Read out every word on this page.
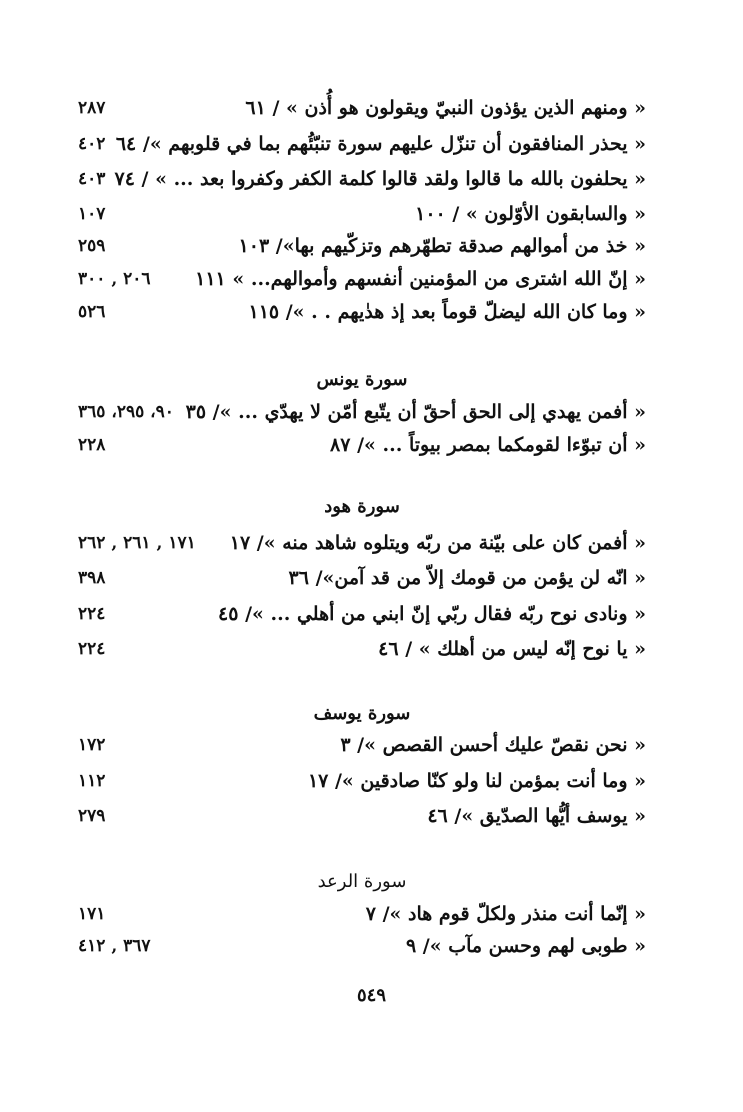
« ومنهم الذين يؤذون النبيّ ويقولون هو أُذن » / ٦١
٢٨٧
« يحذر المنافقون أن تنزّل عليهم سورة تنبّئُهم بما في قلوبهم »/ ٦٤
٤٠٢
« يحلفون بالله ما قالوا ولقد قالوا كلمة الكفر وكفروا بعد ... » / ٧٤
٤٠٣
« والسابقون الأوّلون » / ١٠٠
١٠٧
« خذ من أموالهم صدقة تطهّرهم وتزكّيهم بها»/ ١٠٣
٢٥٩
« إنّ الله اشترى من المؤمنين أنفسهم وأموالهم... » ١١١
٢٠٦ , ٣٠٠
« وما كان الله ليضلّ قوماً بعد إذ هدٰيهم . . »/ ١١٥
٥٢٦
سورة يونس
« أفمن يهدي إلى الحق أحقّ أن يتّبع أمّن لا يهدّي ... »/ ٣٥
٩٠، ٢٩٥، ٣٦٥
« أن تبوّءا لقومكما بمصر بيوتاً ... »/ ٨٧
٢٢٨
سورة هود
« أفمن كان على بيّنة من ربّه ويتلوه شاهد منه »/ ١٧
١٧١ , ٢٦١ , ٢٦٢
« انّه لن يؤمن من قومك إلاّ من قد آمن»/ ٣٦
٣٩٨
« ونادى نوح ربّه فقال ربّي إنّ ابني من أهلي ... »/ ٤٥
٢٢٤
« يا نوح إنّه ليس من أهلك » / ٤٦
٢٢٤
سورة يوسف
« نحن نقصّ عليك أحسن القصص »/ ٣
١٧٢
« وما أنت بمؤمن لنا ولو كنّا صادقين »/ ١٧
١١٢
« يوسف أيُّها الصدّيق »/ ٤٦
٢٧٩
سورة الرعد
« إنّما أنت منذر ولكلّ قوم هاد »/ ٧
١٧١
« طوبى لهم وحسن مآب »/ ٩
٣٦٧ , ٤١٢
٥٤٩
